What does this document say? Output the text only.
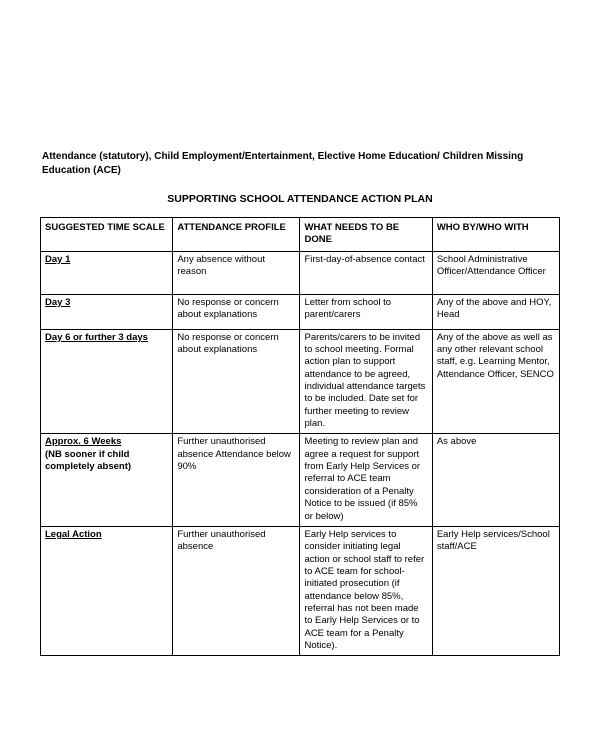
Attendance (statutory), Child Employment/Entertainment, Elective Home Education/ Children Missing Education (ACE)

SUPPORTING SCHOOL ATTENDANCE ACTION PLAN
SUGGESTED TIME SCALE	ATTENDANCE PROFILE	WHAT NEEDS TO BE DONE	WHO BY/WHO WITH
Day 1	Any absence without reason	First-day-of-absence contact	School Administrative Officer/Attendance Officer
Day 3	No response or concern about explanations	Letter from school to parent/carers	Any of the above and HOY, Head
Day 6 or further 3 days	No response or concern about explanations	Parents/carers to be invited to school meeting. Formal action plan to support attendance to be agreed, individual attendance targets to be included. Date set for further meeting to review plan.	Any of the above as well as any other relevant school staff, e.g. Learning Mentor, Attendance Officer, SENCO
Approx. 6 Weeks
(NB sooner if child completely absent)	Further unauthorised absence Attendance below 90%	Meeting to review plan and agree a request for support from Early Help Services or referral to ACE team consideration of a Penalty Notice to be issued (if 85% or below)	As above
Legal Action	Further unauthorised absence	Early Help services to consider initiating legal action or school staff to refer to ACE team for school- initiated prosecution (if attendance below 85%, referral has not been made to Early Help Services or to ACE team for a Penalty Notice).	Early Help services/School staff/ACE
